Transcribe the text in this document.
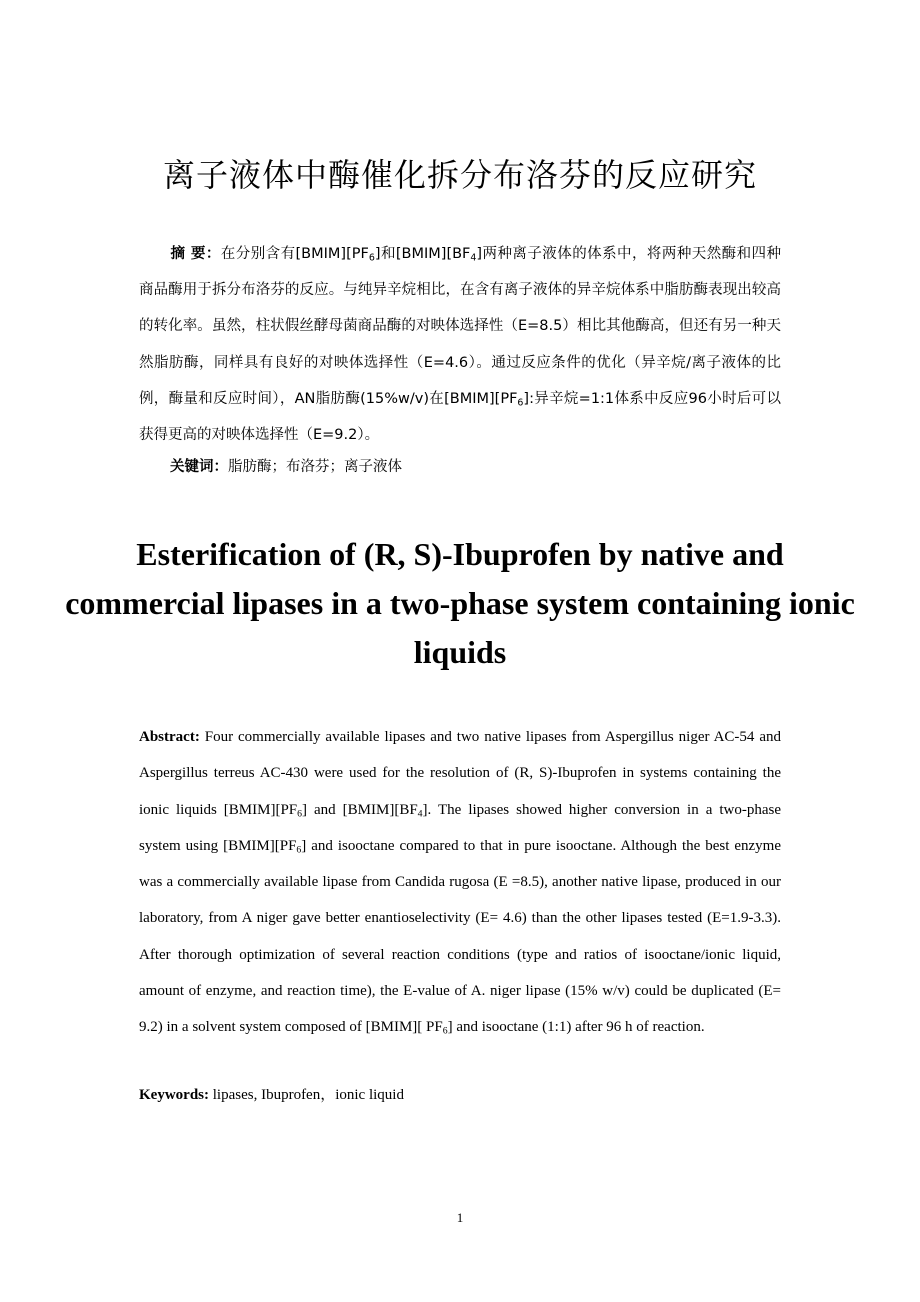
离子液体中酶催化拆分布洛芬的反应研究
摘 要：在分别含有$[BMIM][PF_6]$和$[BMIM][BF_4]$两种离子液体的体系中，将两种天然酶和四种商品酶用于拆分布洛芬的反应。与纯异辛烷相比，在含有离子液体的异辛烷体系中脂肪酶表现出较高的转化率。虽然，柱状假丝酵母菌商品酶的对映体选择性（E=8.5）相比其他酶高，但还有另一种天然脂肪酶，同样具有良好的对映体选择性（E=4.6）。通过反应条件的优化（异辛烷/离子液体的比例，酶量和反应时间），AN脂肪酶(15%w/v)在$[BMIM][PF_6]$:异辛烷=1:1体系中反应96小时后可以获得更高的对映体选择性（E=9.2）。
关键词：脂肪酶；布洛芬；离子液体
Esterification of (R, S)-Ibuprofen by native and commercial lipases in a two-phase system containing ionic liquids
Abstract: Four commercially available lipases and two native lipases from Aspergillus niger AC-54 and Aspergillus terreus AC-430 were used for the resolution of (R, S)-Ibuprofen in systems containing the ionic liquids $[BMIM][PF_6]$ and $[BMIM][BF_4]$. The lipases showed higher conversion in a two-phase system using $[BMIM][PF_6]$ and isooctane compared to that in pure isooctane. Although the best enzyme was a commercially available lipase from Candida rugosa (E =8.5), another native lipase, produced in our laboratory, from A niger gave better enantioselectivity (E= 4.6) than the other lipases tested (E=1.9-3.3). After thorough optimization of several reaction conditions (type and ratios of isooctane/ionic liquid, amount of enzyme, and reaction time), the E-value of A. niger lipase (15% w/v) could be duplicated (E= 9.2) in a solvent system composed of [BMIM][ $PF_6$] and isooctane (1:1) after 96 h of reaction.
Keywords: lipases, Ibuprofen，ionic liquid
1
